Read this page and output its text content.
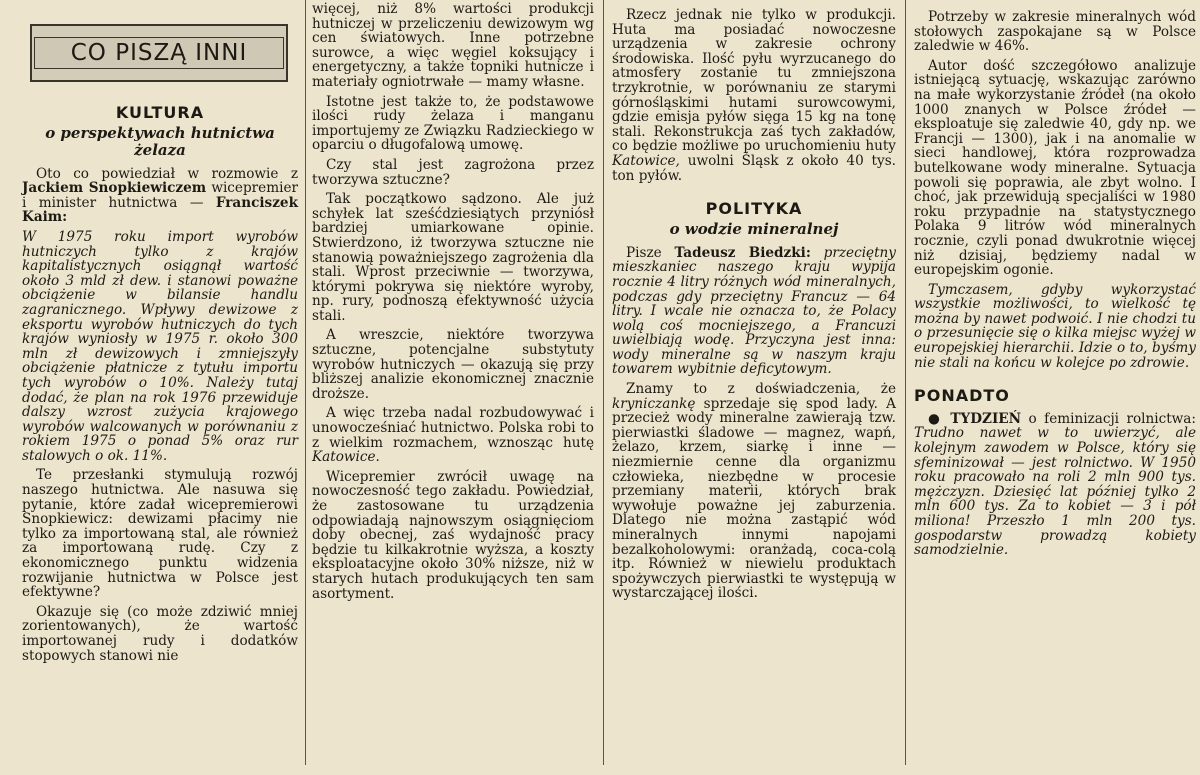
CO PISZĄ INNI
KULTURA
o perspektywach hutnictwa żelaza

Oto co powiedział w rozmowie z Jackiem Snopkiewiczem wicepremier i minister hutnictwa — Franciszek Kaim:

W 1975 roku import wyrobów hutniczych tylko z krajów kapitalistycznych osiągnął wartość około 3 mld zł dew. i stanowi poważne obciążenie w bilansie handlu zagranicznego. Wpływy dewizowe z eksportu wyrobów hutniczych do tych krajów wyniosły w 1975 r. około 300 mln zł dewizowych i zmniejszyły obciążenie płatnicze z tytułu importu tych wyrobów o 10%. Należy tutaj dodać, że plan na rok 1976 przewiduje dalszy wzrost zużycia krajowego wyrobów walcowanych w porównaniu z rokiem 1975 o ponad 5% oraz rur stalowych o ok. 11%.

Te przesłanki stymulują rozwój naszego hutnictwa. Ale nasuwa się pytanie, które zadał wicepremierowi Snopkiewicz: dewizami płacimy nie tylko za importowaną stal, ale również za importowaną rudę. Czy z ekonomicznego punktu widzenia rozwijanie hutnictwa w Polsce jest efektywne?

Okazuje się (co może zdziwić mniej zorientowanych), że wartość importowanej rudy i dodatków stopowych stanowi nie

więcej, niż 8% wartości produkcji hutniczej w przeliczeniu dewizowym wg cen światowych. Inne potrzebne surowce, a więc węgiel koksujący i energetyczny, a także topniki hutnicze i materiały ogniotrwałe — mamy własne.

Istotne jest także to, że podstawowe ilości rudy żelaza i manganu importujemy ze Związku Radzieckiego w oparciu o długofalową umowę.

Czy stal jest zagrożona przez tworzywa sztuczne?

Tak początkowo sądzono. Ale już schyłek lat sześćdziesiątych przyniósł bardziej umiarkowane opinie. Stwierdzono, iż tworzywa sztuczne nie stanowią poważniejszego zagrożenia dla stali. Wprost przeciwnie — tworzywa, którymi pokrywa się niektóre wyroby, np. rury, podnoszą efektywność użycia stali.

A wreszcie, niektóre tworzywa sztuczne, potencjalne substytuty wyrobów hutniczych — okazują się przy bliższej analizie ekonomicznej znacznie droższe.

A więc trzeba nadal rozbudowywać i unowocześniać hutnictwo. Polska robi to z wielkim rozmachem, wznosząc hutę Katowice.

Wicepremier zwrócił uwagę na nowoczesność tego zakładu. Powiedział, że zastosowane tu urządzenia odpowiadają najnowszym osiągnięciom doby obecnej, zaś wydajność pracy będzie tu kilkakrotnie wyższa, a koszty eksploatacyjne około 30% niższe, niż w starych hutach produkujących ten sam asortyment.

Rzecz jednak nie tylko w produkcji. Huta ma posiadać nowoczesne urządzenia w zakresie ochrony środowiska. Ilość pyłu wyrzucanego do atmosfery zostanie tu zmniejszona trzykrotnie, w porównaniu ze starymi górnośląskimi hutami surowcowymi, gdzie emisja pyłów sięga 15 kg na tonę stali. Rekonstrukcja zaś tych zakładów, co będzie możliwe po uruchomieniu huty Katowice, uwolni Śląsk z około 40 tys. ton pyłów.

POLITYKA
o wodzie mineralnej

Pisze Tadeusz Biedzki: przeciętny mieszkaniec naszego kraju wypija rocznie 4 litry różnych wód mineralnych, podczas gdy przeciętny Francuz — 64 litry. I wcale nie oznacza to, że Polacy wolą coś mocniejszego, a Francuzi uwielbiają wodę. Przyczyna jest inna: wody mineralne są w naszym kraju towarem wybitnie deficytowym.

Znamy to z doświadczenia, że kryniczankę sprzedaje się spod lady. A przecież wody mineralne zawierają tzw. pierwiastki śladowe — magnez, wapń, żelazo, krzem, siarkę i inne — niezmiernie cenne dla organizmu człowieka, niezbędne w procesie przemiany materii, których brak wywołuje poważne jej zaburzenia. Dlatego nie można zastąpić wód mineralnych innymi napojami bezalkoholowymi: oranżadą, coca-colą itp. Również w niewielu produktach spożywczych pierwiastki te występują w wystarczającej ilości.

Potrzeby w zakresie mineralnych wód stołowych zaspokajane są w Polsce zaledwie w 46%.

Autor dość szczegółowo analizuje istniejącą sytuację, wskazując zarówno na małe wykorzystanie źródeł (na około 1000 znanych w Polsce źródeł — eksploatuje się zaledwie 40, gdy np. we Francji — 1300), jak i na anomalie w sieci handlowej, która rozprowadza butelkowane wody mineralne. Sytuacja powoli się poprawia, ale zbyt wolno. I choć, jak przewidują specjaliści w 1980 roku przypadnie na statystycznego Polaka 9 litrów wód mineralnych rocznie, czyli ponad dwukrotnie więcej niż dzisiaj, będziemy nadal w europejskim ogonie.

Tymczasem, gdyby wykorzystać wszystkie możliwości, to wielkość tę można by nawet podwoić. I nie chodzi tu o przesunięcie się o kilka miejsc wyżej w europejskiej hierarchii. Idzie o to, byśmy nie stali na końcu w kolejce po zdrowie.

PONADTO

● TYDZIEŃ o feminizacji rolnictwa: Trudno nawet w to uwierzyć, ale kolejnym zawodem w Polsce, który się sfeminizował — jest rolnictwo. W 1950 roku pracowało na roli 2 mln 900 tys. mężczyzn. Dziesięć lat później tylko 2 mln 600 tys. Za to kobiet — 3 i pół miliona! Przeszło 1 mln 200 tys. gospodarstw prowadzą kobiety samodzielnie.
